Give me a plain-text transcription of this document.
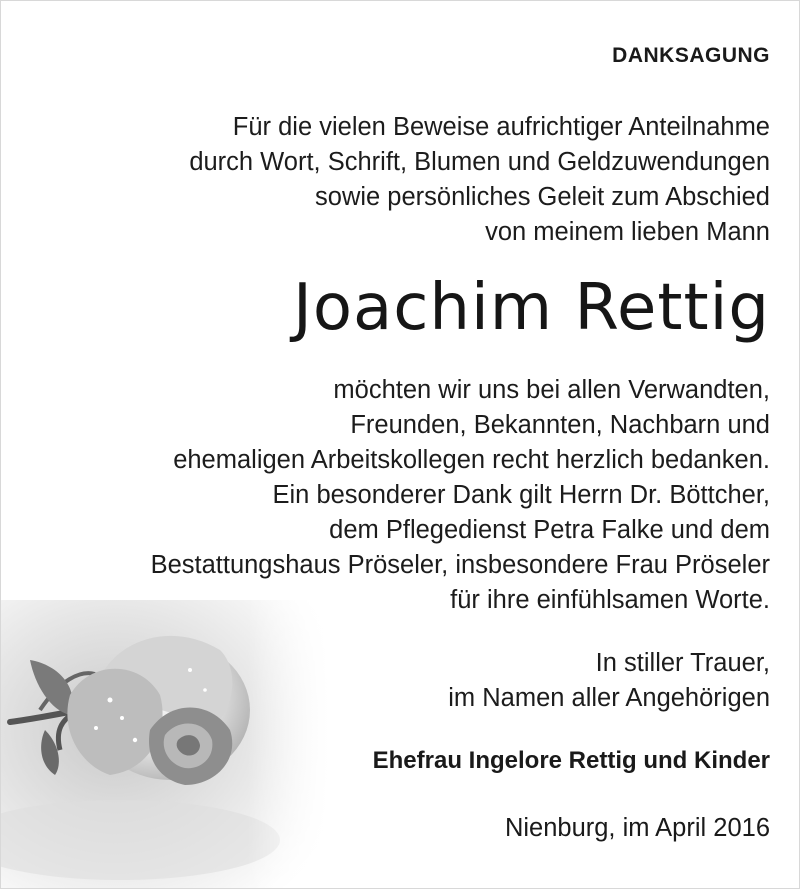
DANKSAGUNG
Für die vielen Beweise aufrichtiger Anteilnahme
durch Wort, Schrift, Blumen und Geldzuwendungen
sowie persönliches Geleit zum Abschied
von meinem lieben Mann
Joachim Rettig
möchten wir uns bei allen Verwandten,
Freunden, Bekannten, Nachbarn und
ehemaligen Arbeitskollegen recht herzlich bedanken.
Ein besonderer Dank gilt Herrn Dr. Böttcher,
dem Pflegedienst Petra Falke und dem
Bestattungshaus Pröseler, insbesondere Frau Pröseler
für ihre einfühlsamen Worte.
In stiller Trauer,
im Namen aller Angehörigen
Ehefrau Ingelore Rettig und Kinder
Nienburg, im April 2016
